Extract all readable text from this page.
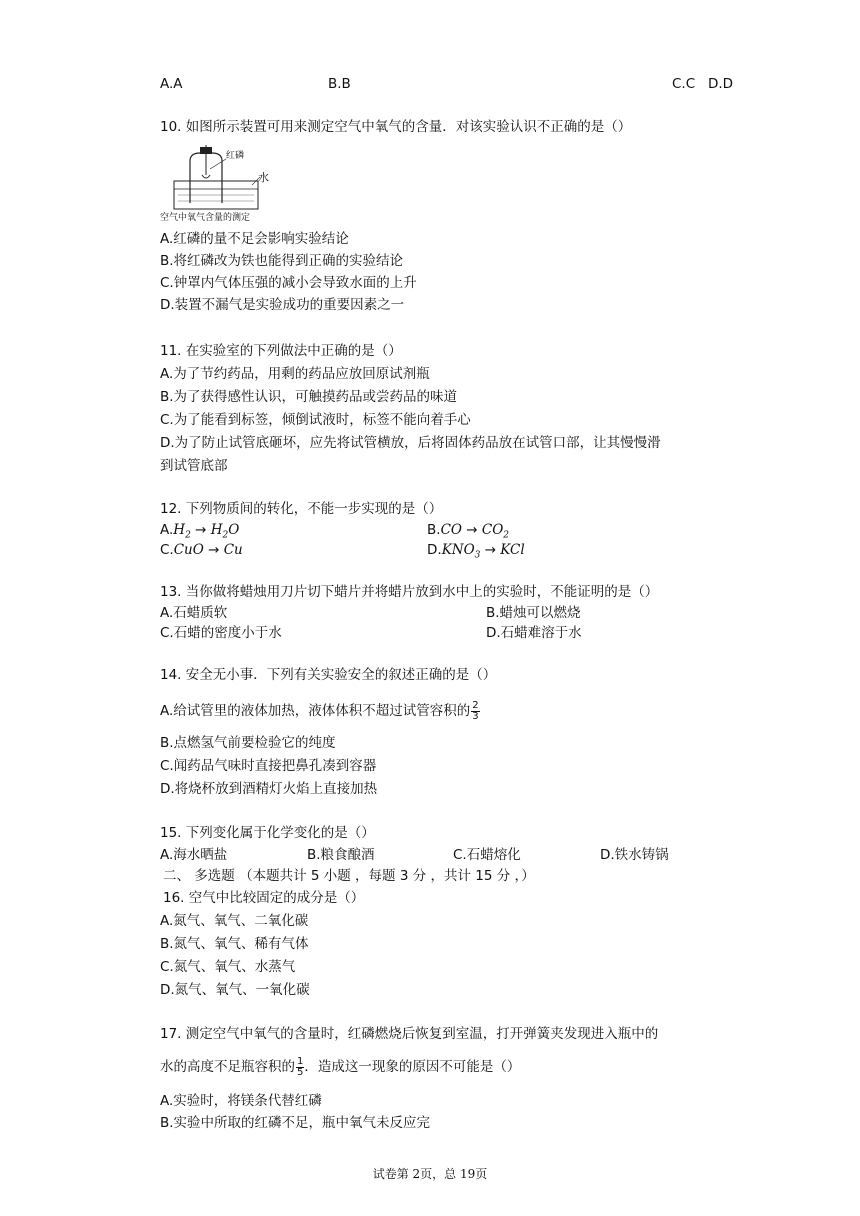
A.A	B.B	C.C D.D
10. 如图所示装置可用来测定空气中氧气的含量．对该实验认识不正确的是（）
红磷
水
空气中氧气含量的测定
A.红磷的量不足会影响实验结论
B.将红磷改为铁也能得到正确的实验结论
C.钟罩内气体压强的减小会导致水面的上升
D.装置不漏气是实验成功的重要因素之一
11. 在实验室的下列做法中正确的是（）
A.为了节约药品，用剩的药品应放回原试剂瓶
B.为了获得感性认识，可触摸药品或尝药品的味道
C.为了能看到标签，倾倒试液时，标签不能向着手心
D.为了防止试管底砸坏，应先将试管横放，后将固体药品放在试管口部，让其慢慢滑
到试管底部
12. 下列物质间的转化，不能一步实现的是（）
$A.H_2 \to H_2O$	$B.CO \to CO_2$
C.CuO → Cu	$D.KNO_3$ → KCl
13. 当你做将蜡烛用刀片切下蜡片并将蜡片放到水中上的实验时，不能证明的是（）
A.石蜡质软	B.蜡烛可以燃烧
C.石蜡的密度小于水	D.石蜡难溶于水
14. 安全无小事．下列有关实验安全的叙述正确的是（）
A.给试管里的液体加热，液体体积不超过试管容积的 $\frac{2}{3}$
B.点燃氢气前要检验它的纯度
C.闻药品气味时直接把鼻孔凑到容器
D.将烧杯放到酒精灯火焰上直接加热
15. 下列变化属于化学变化的是（）
A.海水晒盐	B.粮食酿酒	C.石蜡熔化	D.铁水铸锅
二、 多选题 （本题共计 5 小题 ，每题 3 分 ，共计 15 分 ，）
16. 空气中比较固定的成分是（）
A.氮气、氧气、二氧化碳
B.氮气、氧气、稀有气体
C.氮气、氧气、水蒸气
D.氮气、氧气、一氧化碳
17. 测定空气中氧气的含量时，红磷燃烧后恢复到室温，打开弹簧夹发现进入瓶中的
水的高度不足瓶容积的 $\frac{1}{5}$ ．造成这一现象的原因不可能是（）
A.实验时，将镁条代替红磷
B.实验中所取的红磷不足，瓶中氧气未反应完
试卷第 2页，总 19页
